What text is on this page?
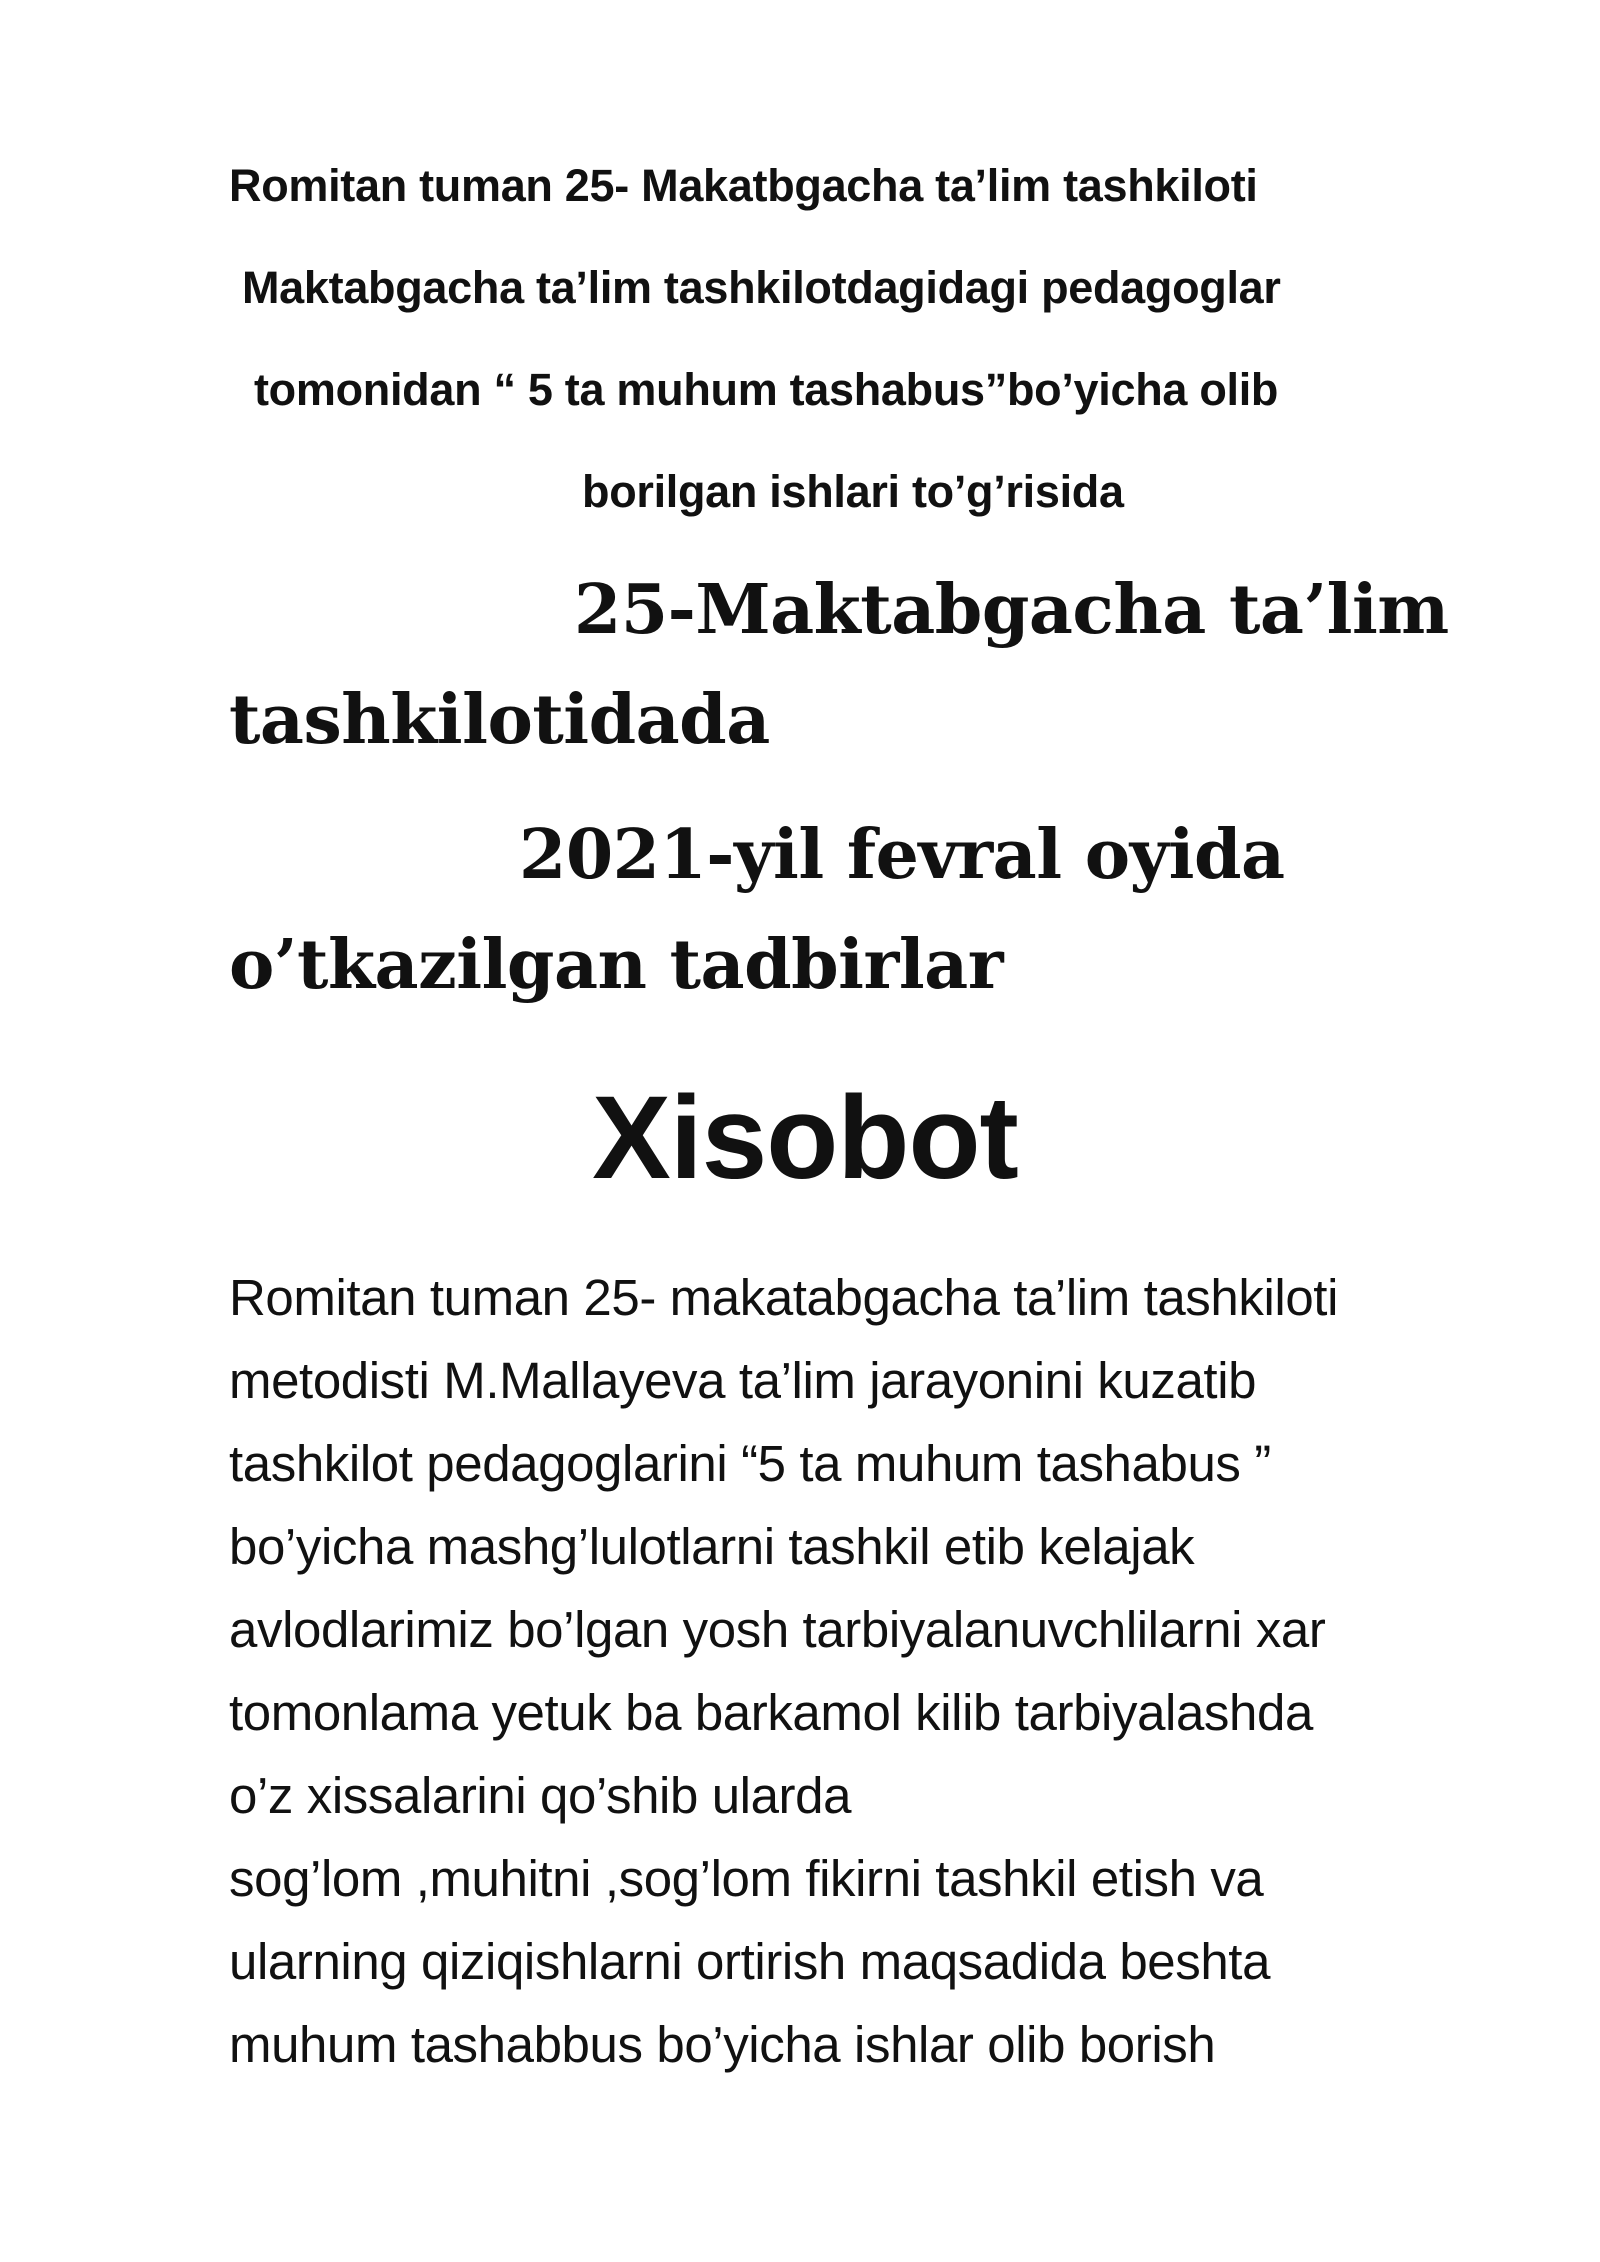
Romitan tuman 25- Makatbgacha ta’lim tashkiloti
Maktabgacha ta’lim tashkilotdagidagi pedagoglar
tomonidan “ 5 ta muhum tashabus”bo’yicha olib
borilgan ishlari to’g’risida
25-Maktabgacha ta’lim
tashkilotidada
2021-yil fevral oyida
o’tkazilgan tadbirlar
Xisobot
Romitan tuman 25- makatabgacha ta’lim tashkiloti
metodisti M.Mallayeva ta’lim jarayonini kuzatib
tashkilot pedagoglarini “5 ta muhum tashabus ”
bo’yicha mashg’lulotlarni tashkil etib kelajak
avlodlarimiz bo’lgan yosh tarbiyalanuvchlilarni xar
tomonlama yetuk ba barkamol kilib tarbiyalashda
o’z xissalarini qo’shib ularda
sog’lom ,muhitni ,sog’lom fikirni tashkil etish va
ularning qiziqishlarni ortirish maqsadida beshta
muhum tashabbus bo’yicha ishlar olib borish
